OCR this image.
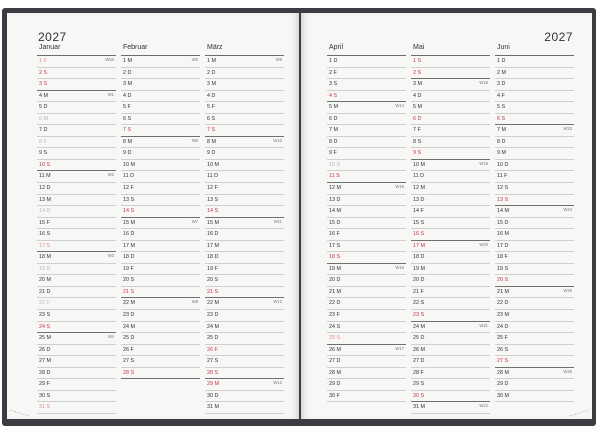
2027
Januar
1 F	W53
2 S
3 S
4 M	W1
5 D
6 M
7 D
8 F
9 S
10 S
11 M	W2
12 D
13 M
14 D
15 F
16 S
17 S
18 M	W3
19 D
20 M
21 D
22 F
23 S
24 S
25 M	W4
26 D
27 M
28 D
29 F
30 S
31 S
Februar
1 M	W5
2 D
3 M
4 D
5 F
6 S
7 S
8 M	W6
9 D
10 M
11 D
12 F
13 S
14 S
15 M	W7
16 D
17 M
18 D
19 F
20 S
21 S
22 M	W8
23 D
24 M
25 D
26 F
27 S
28 S
März
1 M	W9
2 D
3 M
4 D
5 F
6 S
7 S
8 M	W10
9 D
10 M
11 D
12 F
13 S
14 S
15 M	W11
16 D
17 M
18 D
19 F
20 S
21 S
22 M	W12
23 D
24 M
25 D
26 F
27 S
28 S
29 M	W13
30 D
31 M
2027
April
1 D
2 F
3 S
4 S
5 M	W14
6 D
7 M
8 D
9 F
10 S
11 S
12 M	W15
13 D
14 M
15 D
16 F
17 S
18 S
19 M	W16
20 D
21 M
22 D
23 F
24 S
25 S
26 M	W17
27 D
28 M
29 D
30 F
Mai
1 S
2 S
3 M	W18
4 D
5 M
6 D
7 F
8 S
9 S
10 M	W19
11 D
12 M
13 D
14 F
15 S
16 S
17 M	W20
18 D
19 M
20 D
21 F
22 S
23 S
24 M	W21
25 D
26 M
27 D
28 F
29 S
30 S
31 M	W22
Juni
1 D
2 M
3 D
4 F
5 S
6 S
7 M	W23
8 D
9 M
10 D
11 F
12 S
13 S
14 M	W24
15 D
16 M
17 D
18 F
19 S
20 S
21 M	W25
22 D
23 M
24 D
25 F
26 S
27 S
28 M	W26
29 D
30 M
